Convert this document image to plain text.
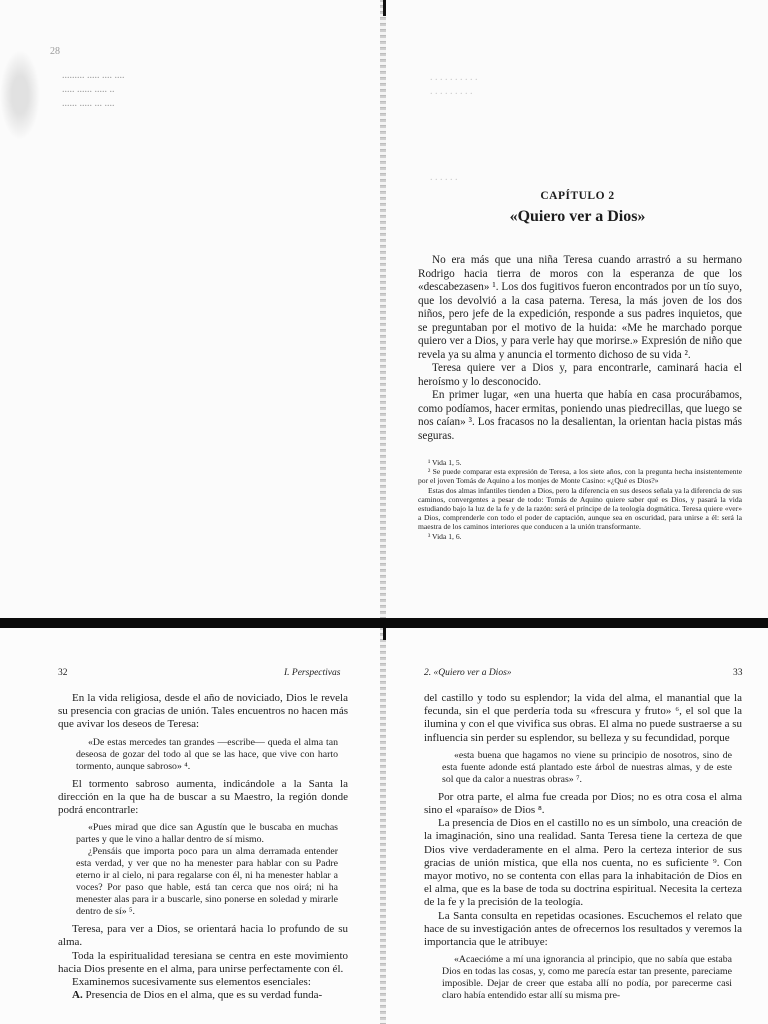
28
......... ..... .... ....
..... ...... ..... ..
...... ..... ... ....
. . . . . . . . . .
. . . . . . . . .
. . . . . .
CAPÍTULO 2
«Quiero ver a Dios»

No era más que una niña Teresa cuando arrastró a su hermano Rodrigo hacia tierra de moros con la esperanza de que los «descabezasen» ¹. Los dos fugitivos fueron encontrados por un tío suyo, que los devolvió a la casa paterna. Teresa, la más joven de los dos niños, pero jefe de la expedición, responde a sus padres inquietos, que se preguntaban por el motivo de la huida: «Me he marchado porque quiero ver a Dios, y para verle hay que morirse.» Expresión de niño que revela ya su alma y anuncia el tormento dichoso de su vida ².

Teresa quiere ver a Dios y, para encontrarle, caminará hacia el heroísmo y lo desconocido.

En primer lugar, «en una huerta que había en casa procurábamos, como podíamos, hacer ermitas, poniendo unas piedrecillas, que luego se nos caían» ³. Los fracasos no la desalientan, la orientan hacia pistas más seguras.

¹ Vida 1, 5.

² Se puede comparar esta expresión de Teresa, a los siete años, con la pregunta hecha insistentemente por el joven Tomás de Aquino a los monjes de Monte Casino: «¿Qué es Dios?»

Estas dos almas infantiles tienden a Dios, pero la diferencia en sus deseos señala ya la diferencia de sus caminos, convergentes a pesar de todo: Tomás de Aquino quiere saber qué es Dios, y pasará la vida estudiando bajo la luz de la fe y de la razón: será el príncipe de la teología dogmática. Teresa quiere «ver» a Dios, comprenderle con todo el poder de captación, aunque sea en oscuridad, para unirse a él: será la maestra de los caminos interiores que conducen a la unión transformante.

³ Vida 1, 6.

32	I. Perspectivas	2. «Quiero ver a Dios»	33

En la vida religiosa, desde el año de noviciado, Dios le revela su presencia con gracias de unión. Tales encuentros no hacen más que avivar los deseos de Teresa:

«De estas mercedes tan grandes —escribe— queda el alma tan deseosa de gozar del todo al que se las hace, que vive con harto tormento, aunque sabroso» ⁴.

El tormento sabroso aumenta, indicándole a la Santa la dirección en la que ha de buscar a su Maestro, la región donde podrá encontrarle:

«Pues mirad que dice san Agustín que le buscaba en muchas partes y que le vino a hallar dentro de sí mismo.

¿Pensáis que importa poco para un alma derramada entender esta verdad, y ver que no ha menester para hablar con su Padre eterno ir al cielo, ni para regalarse con él, ni ha menester hablar a voces? Por paso que hable, está tan cerca que nos oirá; ni ha menester alas para ir a buscarle, sino ponerse en soledad y mirarle dentro de sí» ⁵.

Teresa, para ver a Dios, se orientará hacia lo profundo de su alma.

Toda la espiritualidad teresiana se centra en este movimiento hacia Dios presente en el alma, para unirse perfectamente con él.

Examinemos sucesivamente sus elementos esenciales:

A. Presencia de Dios en el alma, que es su verdad funda-

del castillo y todo su esplendor; la vida del alma, el manantial que la fecunda, sin el que perdería toda su «frescura y fruto» ⁶, el sol que la ilumina y con el que vivifica sus obras. El alma no puede sustraerse a su influencia sin perder su esplendor, su belleza y su fecundidad, porque

«esta buena que hagamos no viene su principio de nosotros, sino de esta fuente adonde está plantado este árbol de nuestras almas, y de este sol que da calor a nuestras obras» ⁷.

Por otra parte, el alma fue creada por Dios; no es otra cosa el alma sino el «paraíso» de Dios ⁸.

La presencia de Dios en el castillo no es un símbolo, una creación de la imaginación, sino una realidad. Santa Teresa tiene la certeza de que Dios vive verdaderamente en el alma. Pero la certeza interior de sus gracias de unión mística, que ella nos cuenta, no es suficiente ⁹. Con mayor motivo, no se contenta con ellas para la inhabitación de Dios en el alma, que es la base de toda su doctrina espiritual. Necesita la certeza de la fe y la precisión de la teología.

La Santa consulta en repetidas ocasiones. Escuchemos el relato que hace de su investigación antes de ofrecernos los resultados y veremos la importancia que le atribuye:

«Acaecióme a mí una ignorancia al principio, que no sabía que estaba Dios en todas las cosas, y, como me parecía estar tan presente, pareciame imposible. Dejar de creer que estaba allí no podía, por parecerme casi claro había entendido estar allí su misma pre-
